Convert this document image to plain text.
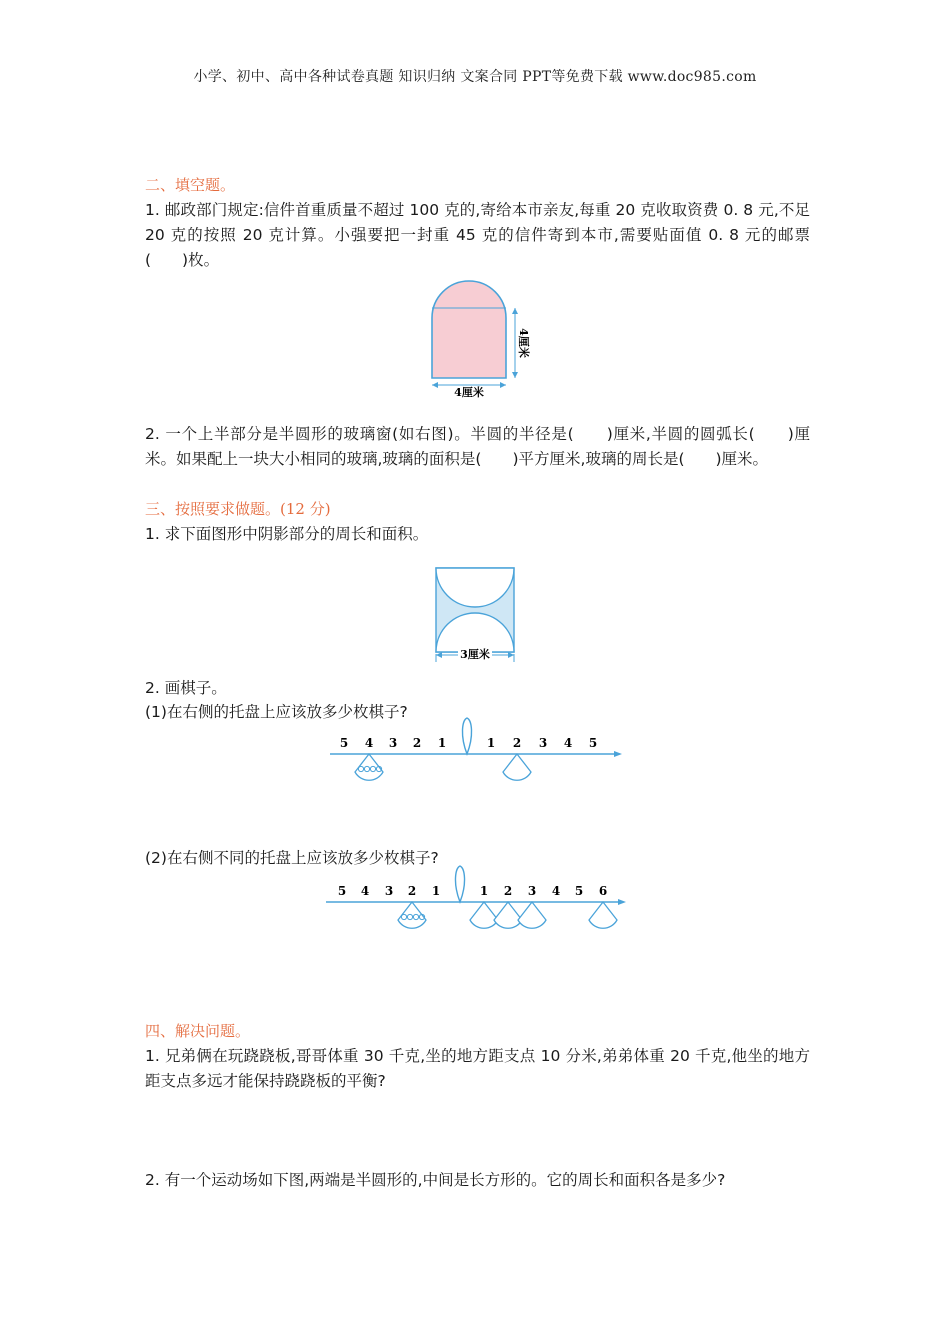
小学、初中、高中各种试卷真题 知识归纳 文案合同 PPT等免费下载 www.doc985.com
二、填空题。
1. 邮政部门规定:信件首重质量不超过 100 克的,寄给本市亲友,每重 20 克收取资费 0. 8 元,不足 20 克的按照 20 克计算。小强要把一封重 45 克的信件寄到本市,需要贴面值 0. 8 元的邮票(　　)枚。
4厘米
4厘米
2. 一个上半部分是半圆形的玻璃窗(如右图)。半圆的半径是(　　)厘米,半圆的圆弧长(　　)厘米。如果配上一块大小相同的玻璃,玻璃的面积是(　　)平方厘米,玻璃的周长是(　　)厘米。
三、按照要求做题。(12 分)
1. 求下面图形中阴影部分的周长和面积。
3厘米
2. 画棋子。
(1)在右侧的托盘上应该放多少枚棋子?
5 4 3 2 1	1 2 3 4 5
(2)在右侧不同的托盘上应该放多少枚棋子?
5 4 3 2 1	1 2 3 4 5 6
四、解决问题。
1. 兄弟俩在玩跷跷板,哥哥体重 30 千克,坐的地方距支点 10 分米,弟弟体重 20 千克,他坐的地方距支点多远才能保持跷跷板的平衡?
2. 有一个运动场如下图,两端是半圆形的,中间是长方形的。它的周长和面积各是多少?
